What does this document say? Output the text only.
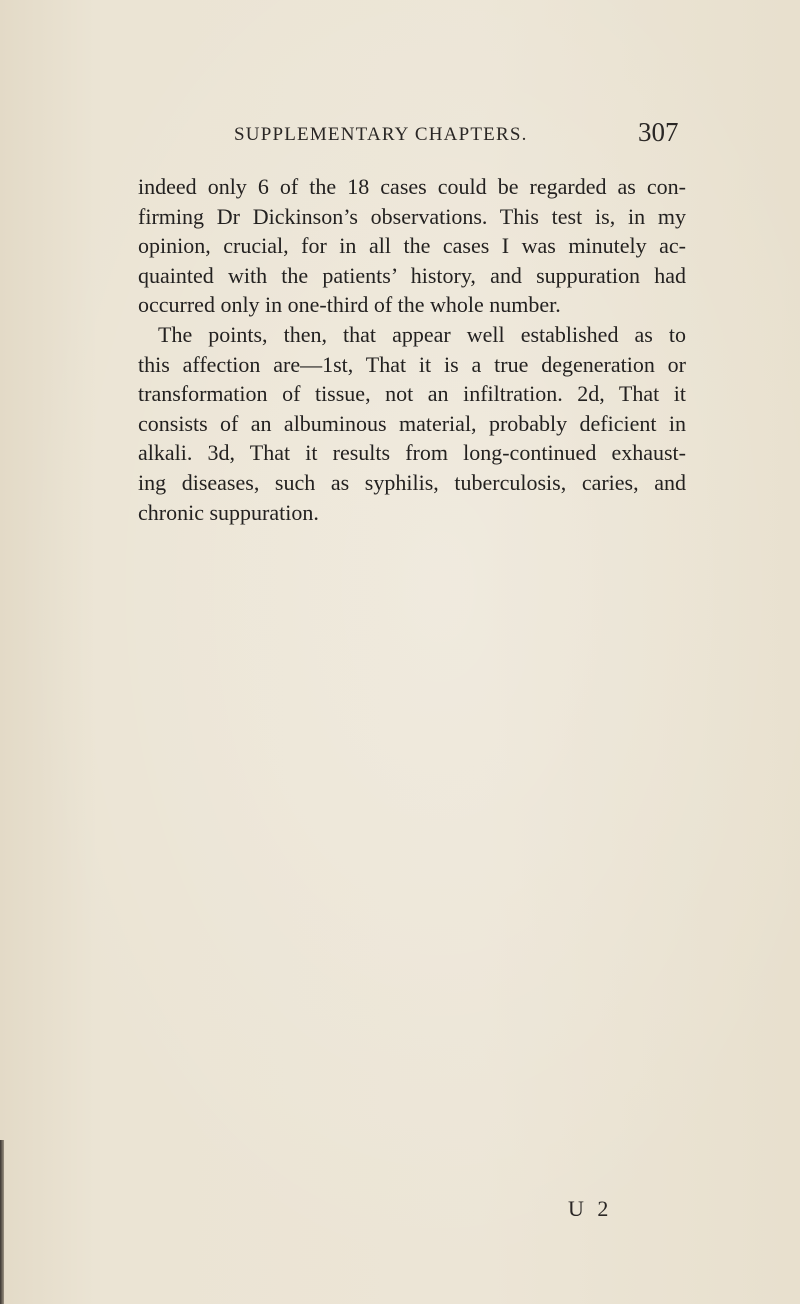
SUPPLEMENTARY CHAPTERS.	307
indeed only 6 of the 18 cases could be regarded as con-
firming Dr Dickinson’s observations. This test is, in my
opinion, crucial, for in all the cases I was minutely ac-
quainted with the patients’ history, and suppuration had
occurred only in one-third of the whole number.
The points, then, that appear well established as to
this affection are—1st, That it is a true degeneration or
transformation of tissue, not an infiltration. 2d, That it
consists of an albuminous material, probably deficient in
alkali. 3d, That it results from long-continued exhaust-
ing diseases, such as syphilis, tuberculosis, caries, and
chronic suppuration.
U 2
